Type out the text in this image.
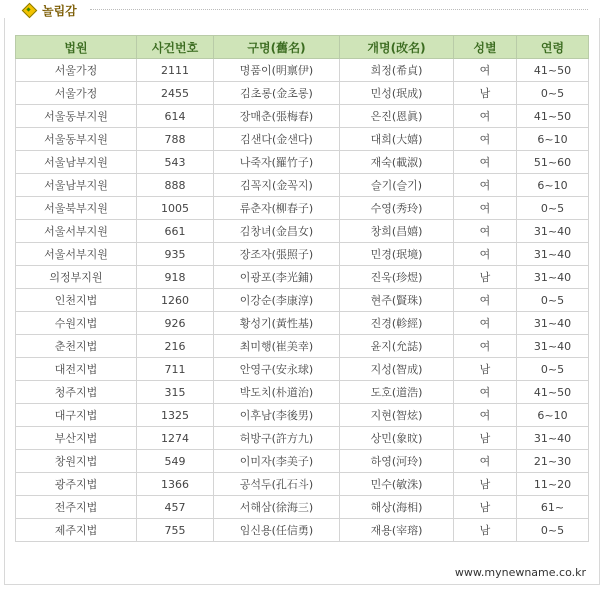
놀림감
법원	사건번호	구명(舊名)	개명(改名)	성별	연령
서울가정	2111	명품이(明禀伊)	희정(希貞)	여	41~50
서울가정	2455	김초롱(金초롱)	민성(珉成)	남	0~5
서울동부지원	614	장매춘(張梅春)	은진(恩眞)	여	41~50
서울동부지원	788	김샌다(金샌다)	대희(大嬉)	여	6~10
서울남부지원	543	나죽자(羅竹子)	재숙(載淑)	여	51~60
서울남부지원	888	김꼭지(金꼭지)	슬기(슬기)	여	6~10
서울북부지원	1005	류춘자(柳春子)	수영(秀玲)	여	0~5
서울서부지원	661	김창녀(金昌女)	창희(昌嬉)	여	31~40
서울서부지원	935	장조자(張照子)	민경(珉境)	여	31~40
의정부지원	918	이광포(李光鋪)	진욱(珍煜)	남	31~40
인천지법	1260	이강순(李康淳)	현주(賢珠)	여	0~5
수원지법	926	황성기(黃性基)	진경(軫經)	여	31~40
춘천지법	216	최미행(崔美幸)	윤지(允誌)	여	31~40
대전지법	711	안영구(安永球)	지성(智成)	남	0~5
청주지법	315	박도치(朴道治)	도호(道浩)	여	41~50
대구지법	1325	이후남(李後男)	지현(智炫)	여	6~10
부산지법	1274	허방구(許方九)	상민(象旼)	남	31~40
창원지법	549	이미자(李美子)	하영(河玲)	여	21~30
광주지법	1366	공석두(孔石斗)	민수(敏洙)	남	11~20
전주지법	457	서해삼(徐海三)	해상(海相)	남	61~
제주지법	755	임신용(任信勇)	재용(宰瑢)	남	0~5
www.mynewname.co.kr
